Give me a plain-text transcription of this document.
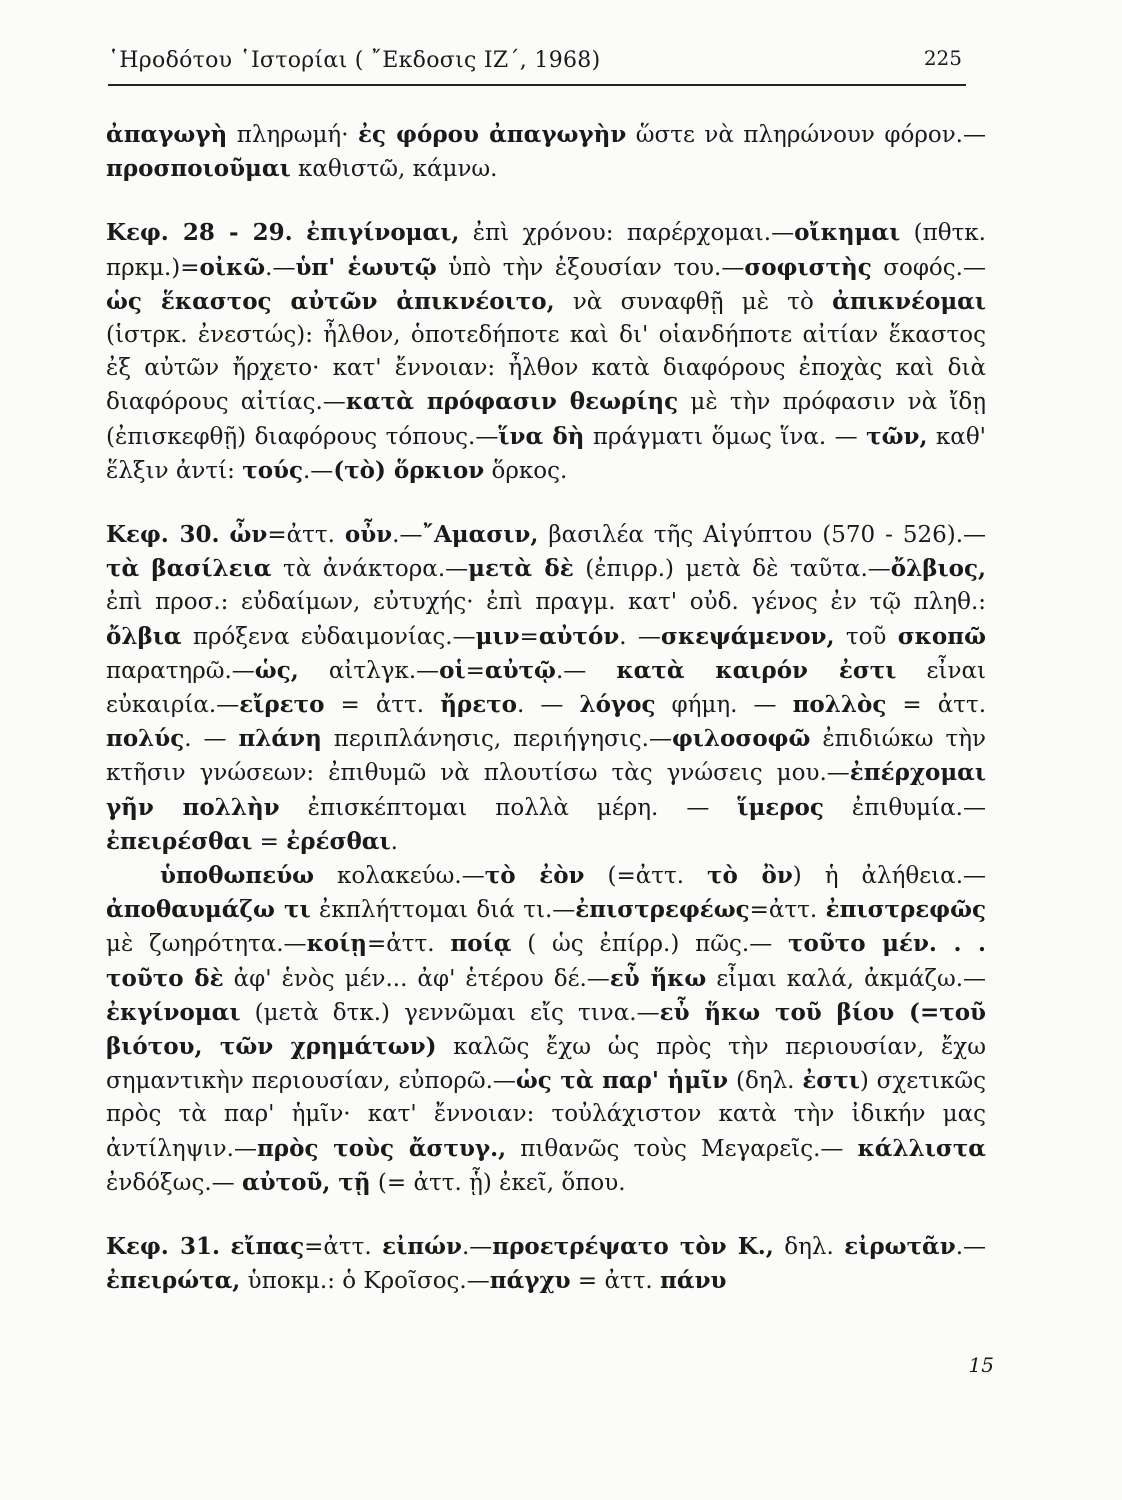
῾Ηροδότου ῾Ιστορίαι ( ῎Εκδοσις ΙΖ΄, 1968)	225

ἀπαγωγὴ πληρωμή· ἐς φόρου ἀπαγωγὴν ὥστε νὰ πληρώνουν φόρον.—προσποιοῦμαι καθιστῶ, κάμνω.

Κεφ. 28 - 29. ἐπιγίνομαι, ἐπὶ χρόνου: παρέρχομαι.—οἴκημαι (πθτκ. πρκμ.)=οἰκῶ.—ὑπ' ἑωυτῷ ὑπὸ τὴν ἐξουσίαν του.—σοφιστὴς σοφός.—ὡς ἕκαστος αὐτῶν ἀπικνέοιτο, νὰ συναφθῇ μὲ τὸ ἀπικνέομαι (ἱστρκ. ἐνεστώς): ἦλθον, ὁποτεδήποτε καὶ δι' οἱανδήποτε αἰτίαν ἕκαστος ἐξ αὐτῶν ἤρχετο· κατ' ἔννοιαν: ἦλθον κατὰ διαφόρους ἐποχὰς καὶ διὰ διαφόρους αἰτίας.—κατὰ πρόφασιν θεωρίης μὲ τὴν πρόφασιν νὰ ἴδῃ (ἐπισκεφθῇ) διαφόρους τόπους.—ἵνα δὴ πράγματι ὅμως ἵνα. — τῶν, καθ' ἕλξιν ἀντί: τούς.—(τὸ) ὅρκιον ὅρκος.

Κεφ. 30. ὦν=ἀττ. οὖν.—῎Αμασιν, βασιλέα τῆς Αἰγύπτου (570 - 526).—τὰ βασίλεια τὰ ἀνάκτορα.—μετὰ δὲ (ἐπιρρ.) μετὰ δὲ ταῦτα.—ὄλβιος, ἐπὶ προσ.: εὐδαίμων, εὐτυχής· ἐπὶ πραγμ. κατ' οὐδ. γένος ἐν τῷ πληθ.: ὄλβια πρόξενα εὐδαιμονίας.—μιν=αὐτόν. —σκεψάμενον, τοῦ σκοπῶ παρατηρῶ.—ὡς, αἰτλγκ.—οἱ=αὐτῷ.— κατὰ καιρόν ἐστι εἶναι εὐκαιρία.—εἴρετο = ἀττ. ἤρετο. — λόγος φήμη. — πολλὸς = ἀττ. πολύς. — πλάνη περιπλάνησις, περιήγησις.—φιλοσοφῶ ἐπιδιώκω τὴν κτῆσιν γνώσεων: ἐπιθυμῶ νὰ πλουτίσω τὰς γνώσεις μου.—ἐπέρχομαι γῆν πολλὴν ἐπισκέπτομαι πολλὰ μέρη. — ἵμερος ἐπιθυμία.—ἐπειρέσθαι = ἐρέσθαι.

ὑποθωπεύω κολακεύω.—τὸ ἐὸν (=ἀττ. τὸ ὂν) ἡ ἀλήθεια.— ἀποθαυμάζω τι ἐκπλήττομαι διά τι.—ἐπιστρεφέως=ἀττ. ἐπιστρεφῶς μὲ ζωηρότητα.—κοίῃ=ἀττ. ποίᾳ ( ὡς ἐπίρρ.) πῶς.— τοῦτο μέν. . . τοῦτο δὲ ἀφ' ἑνὸς μέν... ἀφ' ἑτέρου δέ.—εὖ ἥκω εἶμαι καλά, ἀκμάζω.—ἐκγίνομαι (μετὰ δτκ.) γεννῶμαι εἴς τινα.—εὖ ἥκω τοῦ βίου (=τοῦ βιότου, τῶν χρημάτων) καλῶς ἔχω ὡς πρὸς τὴν περιουσίαν, ἔχω σημαντικὴν περιουσίαν, εὐπορῶ.—ὡς τὰ παρ' ἡμῖν (δηλ. ἐστι) σχετικῶς πρὸς τὰ παρ' ἡμῖν· κατ' ἔννοιαν: τοὐλάχιστον κατὰ τὴν ἰδικήν μας ἀντίληψιν.—πρὸς τοὺς ἄστυγ., πιθανῶς τοὺς Μεγαρεῖς.— κάλλιστα ἐνδόξως.— αὐτοῦ, τῇ (= ἀττ. ᾗ) ἐκεῖ, ὅπου.

Κεφ. 31. εἴπας=ἀττ. εἰπών.—προετρέψατο τὸν Κ., δηλ. εἰρωτᾶν.—ἐπειρώτα, ὑποκμ.: ὁ Κροῖσος.—πάγχυ = ἀττ. πάνυ

15
